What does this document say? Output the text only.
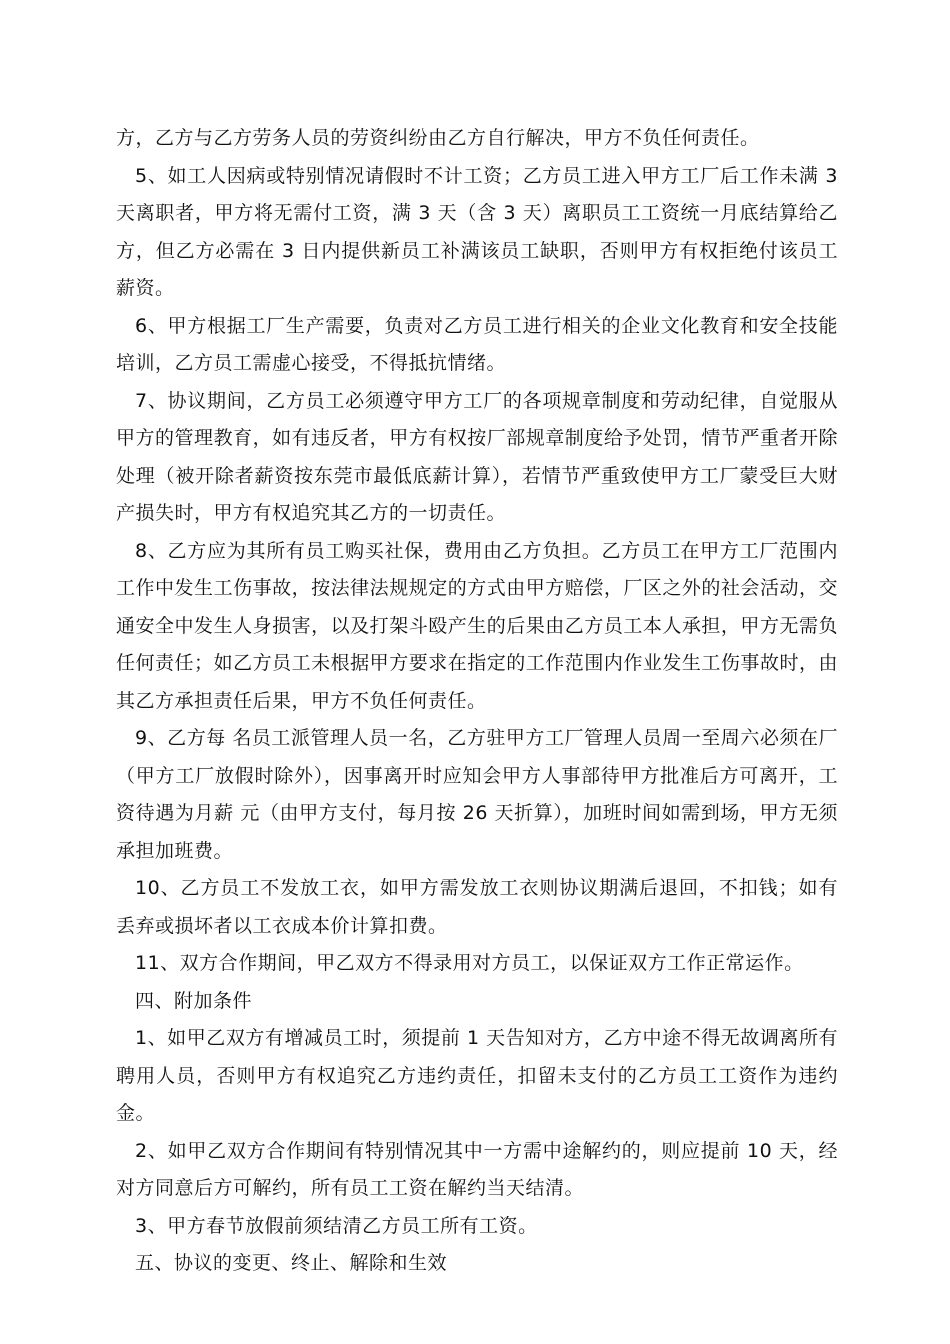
方，乙方与乙方劳务人员的劳资纠纷由乙方自行解决，甲方不负任何责任。

5、如工人因病或特别情况请假时不计工资；乙方员工进入甲方工厂后工作未满 3 天离职者，甲方将无需付工资，满 3 天（含 3 天）离职员工工资统一月底结算给乙方，但乙方必需在 3 日内提供新员工补满该员工缺职，否则甲方有权拒绝付该员工薪资。

6、甲方根据工厂生产需要，负责对乙方员工进行相关的企业文化教育和安全技能培训，乙方员工需虚心接受，不得抵抗情绪。

7、协议期间，乙方员工必须遵守甲方工厂的各项规章制度和劳动纪律，自觉服从甲方的管理教育，如有违反者，甲方有权按厂部规章制度给予处罚，情节严重者开除处理（被开除者薪资按东莞市最低底薪计算），若情节严重致使甲方工厂蒙受巨大财产损失时，甲方有权追究其乙方的一切责任。

8、乙方应为其所有员工购买社保，费用由乙方负担。乙方员工在甲方工厂范围内工作中发生工伤事故，按法律法规规定的方式由甲方赔偿，厂区之外的社会活动，交通安全中发生人身损害，以及打架斗殴产生的后果由乙方员工本人承担，甲方无需负任何责任；如乙方员工未根据甲方要求在指定的工作范围内作业发生工伤事故时，由其乙方承担责任后果，甲方不负任何责任。

9、乙方每 名员工派管理人员一名，乙方驻甲方工厂管理人员周一至周六必须在厂（甲方工厂放假时除外），因事离开时应知会甲方人事部待甲方批准后方可离开，工资待遇为月薪 元（由甲方支付，每月按 26 天折算），加班时间如需到场，甲方无须承担加班费。

10、乙方员工不发放工衣，如甲方需发放工衣则协议期满后退回，不扣钱；如有丢弃或损坏者以工衣成本价计算扣费。

11、双方合作期间，甲乙双方不得录用对方员工，以保证双方工作正常运作。

四、附加条件

1、如甲乙双方有增减员工时，须提前 1 天告知对方，乙方中途不得无故调离所有聘用人员，否则甲方有权追究乙方违约责任，扣留未支付的乙方员工工资作为违约金。

2、如甲乙双方合作期间有特别情况其中一方需中途解约的，则应提前 10 天，经对方同意后方可解约，所有员工工资在解约当天结清。

3、甲方春节放假前须结清乙方员工所有工资。

五、协议的变更、终止、解除和生效
